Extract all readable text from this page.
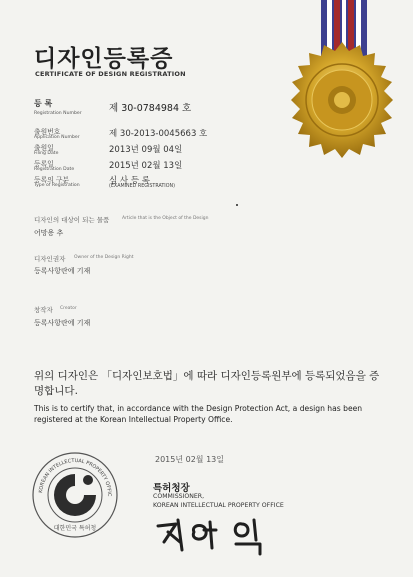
디자인등록증
CERTIFICATE OF DESIGN REGISTRATION
등 록
Registration Number	제 30-0784984 호
출원번호
Application Number	제 30-2013-0045663 호
출원일
Filing Date	2013년 09월 04일
등록일
Registration Date	2015년 02월 13일
등록의 구분
Type of Registration	심 사 등 록
(EXAMINED REGISTRATION)
디자인의 대상이 되는 물품	Article that is the Object of the Design
어망용 추
디자인권자 Owner of the Design Right
등록사항란에 기재
창작자 Creator
등록사항란에 기재
위의 디자인은 「디자인보호법」에 따라 디자인등록원부에 등록되었음을 증명합니다.
This is to certify that, in accordance with the Design Protection Act, a design has been registered at the Korean Intellectual Property Office.
2015년 02월 13일
특허청장
COMMISSIONER,
KOREAN INTELLECTUAL PROPERTY OFFICE
KOREAN INTELLECTUAL PROPERTY OFFIC
대한민국 특허청
